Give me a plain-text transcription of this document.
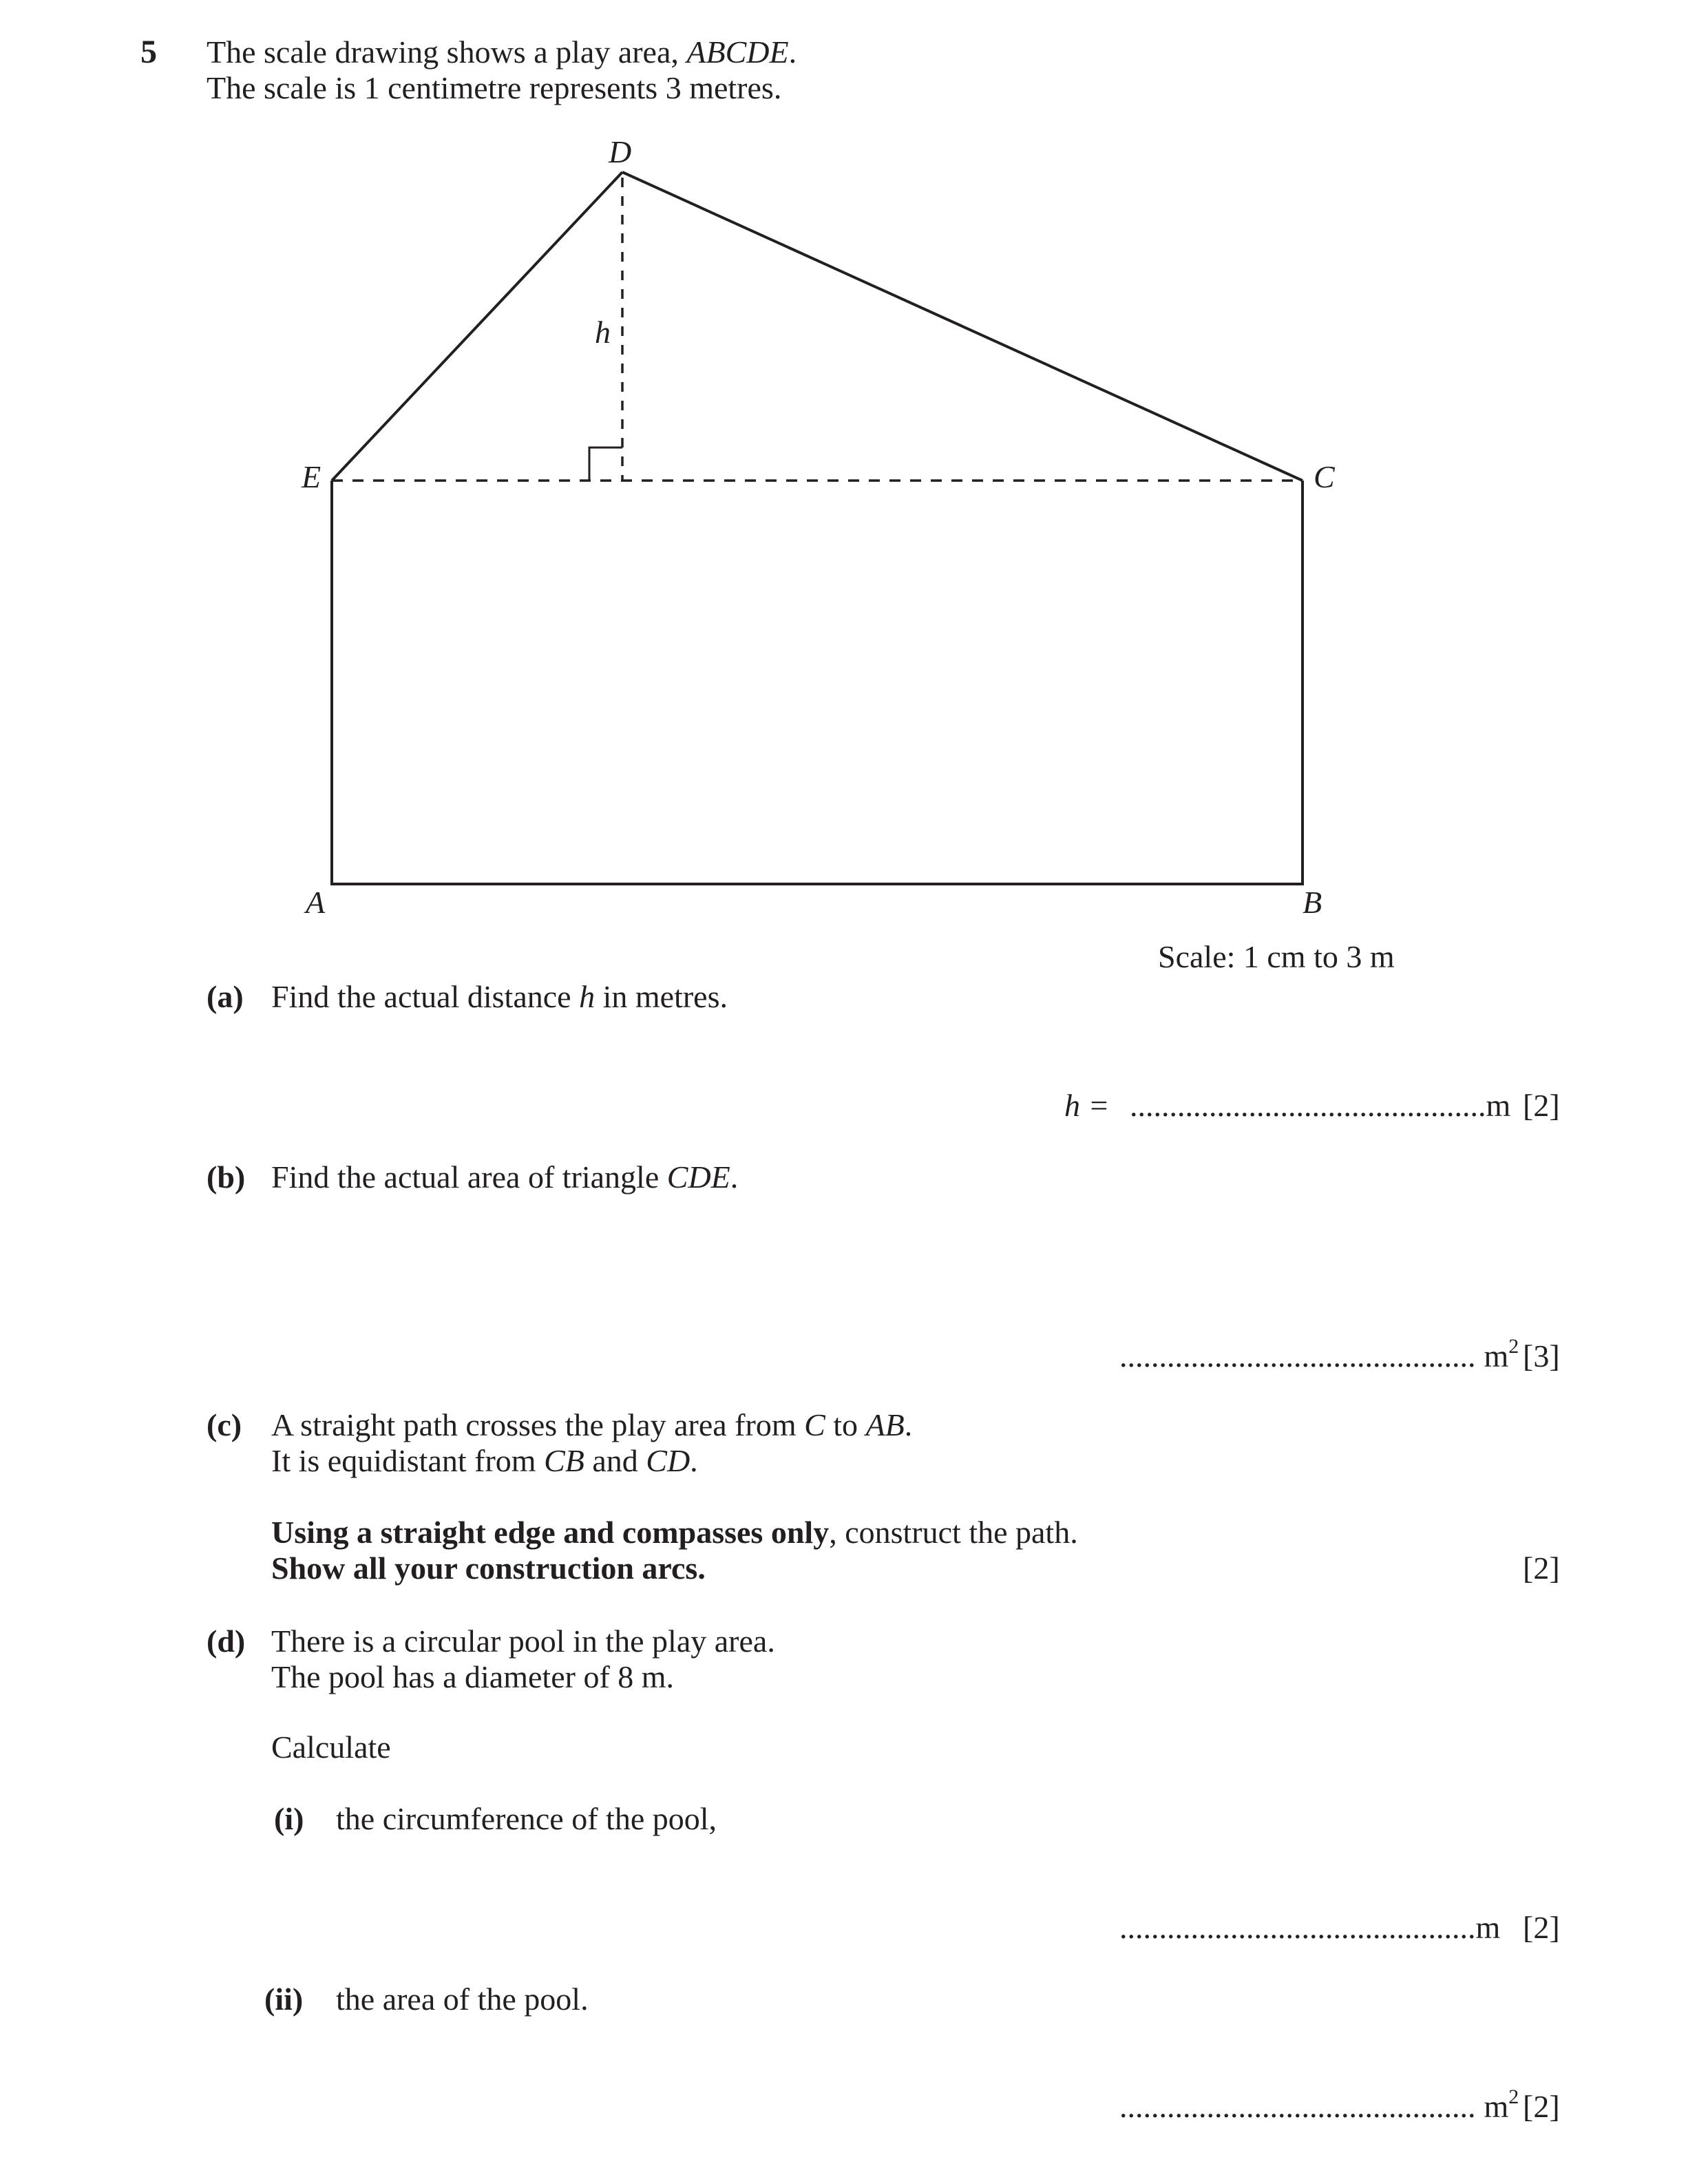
5 The scale drawing shows a play area, ABCDE.
The scale is 1 centimetre represents 3 metres.
D
E	C
A	B
h
Scale: 1 cm to 3 m
(a) Find the actual distance h in metres.
h = .............................................m [2]
(b) Find the actual area of triangle CDE.
............................................. $m^2$ [3]
(c) A straight path crosses the play area from C to AB.
It is equidistant from CB and CD.
Using a straight edge and compasses only, construct the path.
Show all your construction arcs.	[2]
(d) There is a circular pool in the play area.
The pool has a diameter of 8 m.
Calculate
(i) the circumference of the pool,
.............................................m [2]
(ii) the area of the pool.
............................................. $m^2$ [2]
